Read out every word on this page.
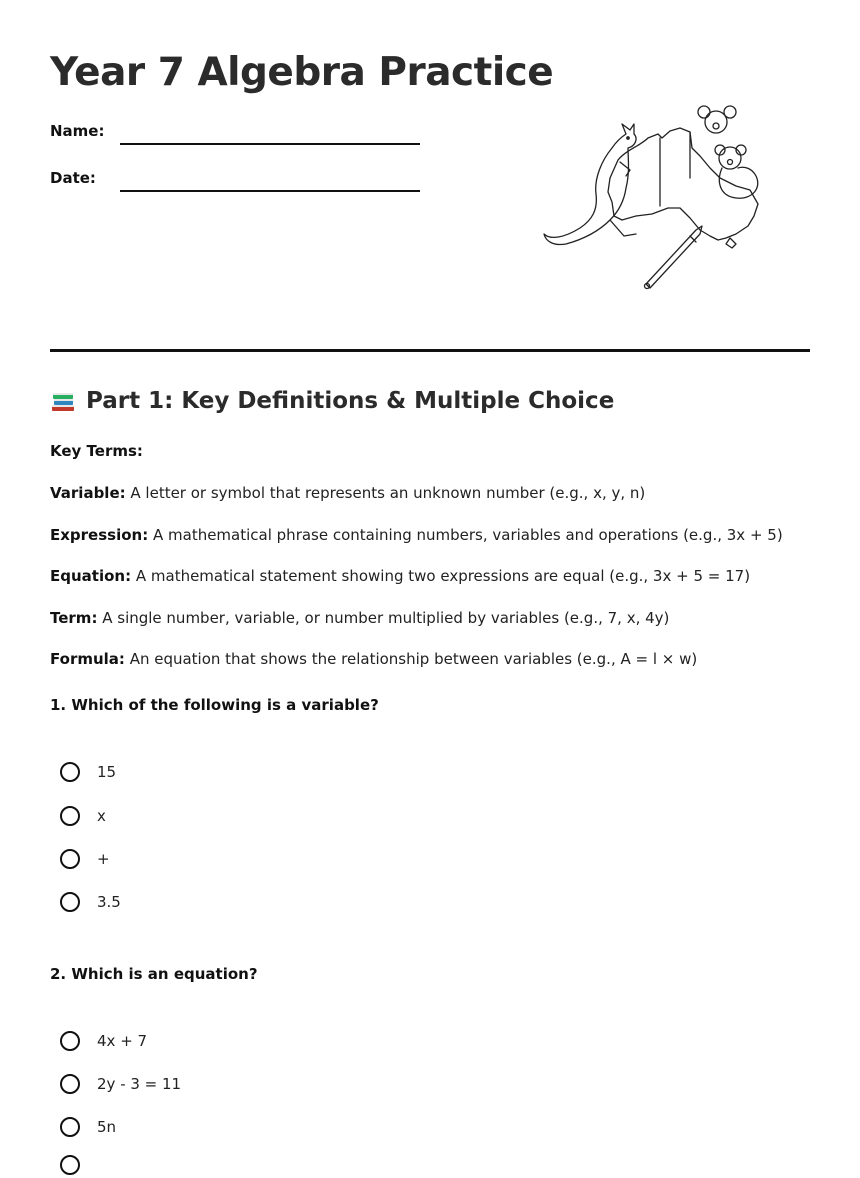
Year 7 Algebra Practice
Name:
Date:
Part 1: Key Definitions & Multiple Choice
Key Terms:
Variable: A letter or symbol that represents an unknown number (e.g., x, y, n)
Expression: A mathematical phrase containing numbers, variables and operations (e.g., 3x + 5)
Equation: A mathematical statement showing two expressions are equal (e.g., 3x + 5 = 17)
Term: A single number, variable, or number multiplied by variables (e.g., 7, x, 4y)
Formula: An equation that shows the relationship between variables (e.g., A = l × w)
1. Which of the following is a variable?
15
x
+
3.5
2. Which is an equation?
4x + 7
2y - 3 = 11
5n
